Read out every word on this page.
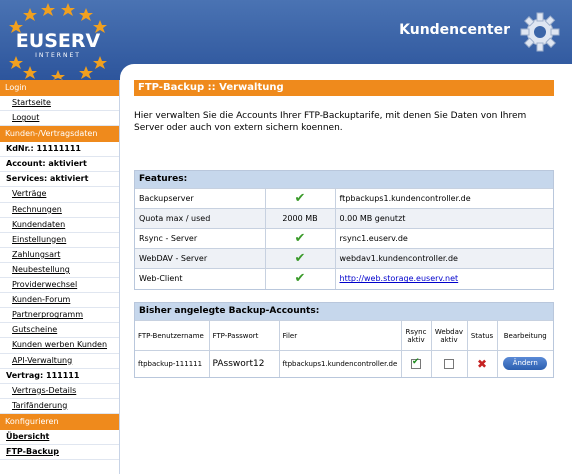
EUSERV
INTERNET
Kundencenter
Login
Startseite
Logout
Kunden-/Vertragsdaten
KdNr.: 11111111
Account: aktiviert
Services: aktiviert
Verträge
Rechnungen
Kundendaten
Einstellungen
Zahlungsart
Neubestellung
Providerwechsel
Kunden-Forum
Partnerprogramm
Gutscheine
Kunden werben Kunden
API-Verwaltung
Vertrag: 111111
Vertrags-Details
Tarifänderung
Konfigurieren
Übersicht
FTP-Backup
FTP-Backup :: Verwaltung
Hier verwalten Sie die Accounts Ihrer FTP-Backuptarife, mit denen Sie Daten von Ihrem Server oder auch von extern sichern koennen.
Features:
Backupserver	✔	ftpbackups1.kundencontroller.de
Quota max / used	2000 MB	0.00 MB genutzt
Rsync - Server	✔	rsync1.euserv.de
WebDAV - Server	✔	webdav1.kundencontroller.de
Web-Client	✔	http://web.storage.euserv.net
Bisher angelegte Backup-Accounts:
FTP-Benutzername	FTP-Passwort	Filer	Rsync aktiv	Webdav aktiv	Status	Bearbeitung
ftpbackup-111111	PAsswort12	ftpbackups1.kundencontroller.de	✔		✖	Ändern
